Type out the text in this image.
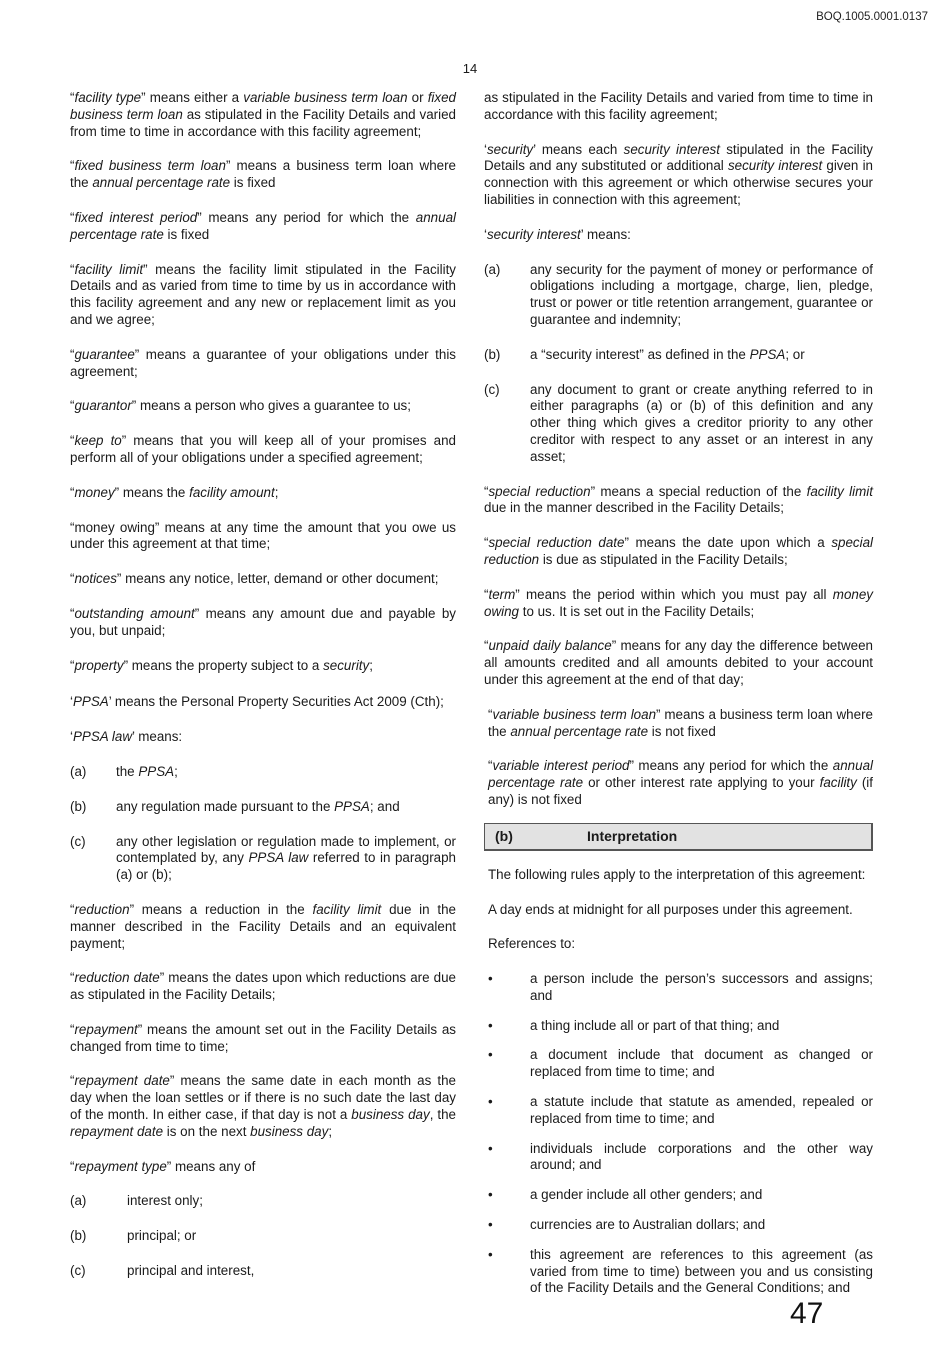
BOQ.1005.0001.0137
14

“facility type” means either a variable business term loan or fixed business term loan as stipulated in the Facility Details and varied from time to time in accordance with this facility agreement;

“fixed business term loan” means a business term loan where the annual percentage rate is fixed

“fixed interest period” means any period for which the annual percentage rate is fixed

“facility limit” means the facility limit stipulated in the Facility Details and as varied from time to time by us in accordance with this facility agreement and any new or replacement limit as you and we agree;

“guarantee” means a guarantee of your obligations under this agreement;

“guarantor” means a person who gives a guarantee to us;

“keep to” means that you will keep all of your promises and perform all of your obligations under a specified agreement;

“money” means the facility amount;

“money owing” means at any time the amount that you owe us under this agreement at that time;

“notices” means any notice, letter, demand or other document;

“outstanding amount” means any amount due and payable by you, but unpaid;

“property” means the property subject to a security;

‘PPSA’ means the Personal Property Securities Act 2009 (Cth);

‘PPSA law’ means:

(a)	the PPSA;
(b)	any regulation made pursuant to the PPSA; and
(c)	any other legislation or regulation made to implement, or contemplated by, any PPSA law referred to in paragraph (a) or (b);

“reduction” means a reduction in the facility limit due in the manner described in the Facility Details and an equivalent payment;

“reduction date” means the dates upon which reductions are due as stipulated in the Facility Details;

“repayment” means the amount set out in the Facility Details as changed from time to time;

“repayment date” means the same date in each month as the day when the loan settles or if there is no such date the last day of the month. In either case, if that day is not a business day, the repayment date is on the next business day;

“repayment type” means any of

(a)	interest only;
(b)	principal; or
(c)	principal and interest,

as stipulated in the Facility Details and varied from time to time in accordance with this facility agreement;

‘security’ means each security interest stipulated in the Facility Details and any substituted or additional security interest given in connection with this agreement or which otherwise secures your liabilities in connection with this agreement;

‘security interest’ means:

(a)	any security for the payment of money or performance of obligations including a mortgage, charge, lien, pledge, trust or power or title retention arrangement, guarantee or guarantee and indemnity;
(b)	a “security interest” as defined in the PPSA; or
(c)	any document to grant or create anything referred to in either paragraphs (a) or (b) of this definition and any other thing which gives a creditor priority to any other creditor with respect to any asset or an interest in any asset;

“special reduction” means a special reduction of the facility limit due in the manner described in the Facility Details;

“special reduction date” means the date upon which a special reduction is due as stipulated in the Facility Details;

“term” means the period within which you must pay all money owing to us. It is set out in the Facility Details;

“unpaid daily balance” means for any day the difference between all amounts credited and all amounts debited to your account under this agreement at the end of that day;

“variable business term loan” means a business term loan where the annual percentage rate is not fixed

“variable interest period” means any period for which the annual percentage rate or other interest rate applying to your facility (if any) is not fixed

(b)	Interpretation

The following rules apply to the interpretation of this agreement:

A day ends at midnight for all purposes under this agreement.

References to:

•	a person include the person’s successors and assigns; and
•	a thing include all or part of that thing; and
•	a document include that document as changed or replaced from time to time; and
•	a statute include that statute as amended, repealed or replaced from time to time; and
•	individuals include corporations and the other way around; and
•	a gender include all other genders; and
•	currencies are to Australian dollars; and
•	this agreement are references to this agreement (as varied from time to time) between you and us consisting of the Facility Details and the General Conditions; and
47
